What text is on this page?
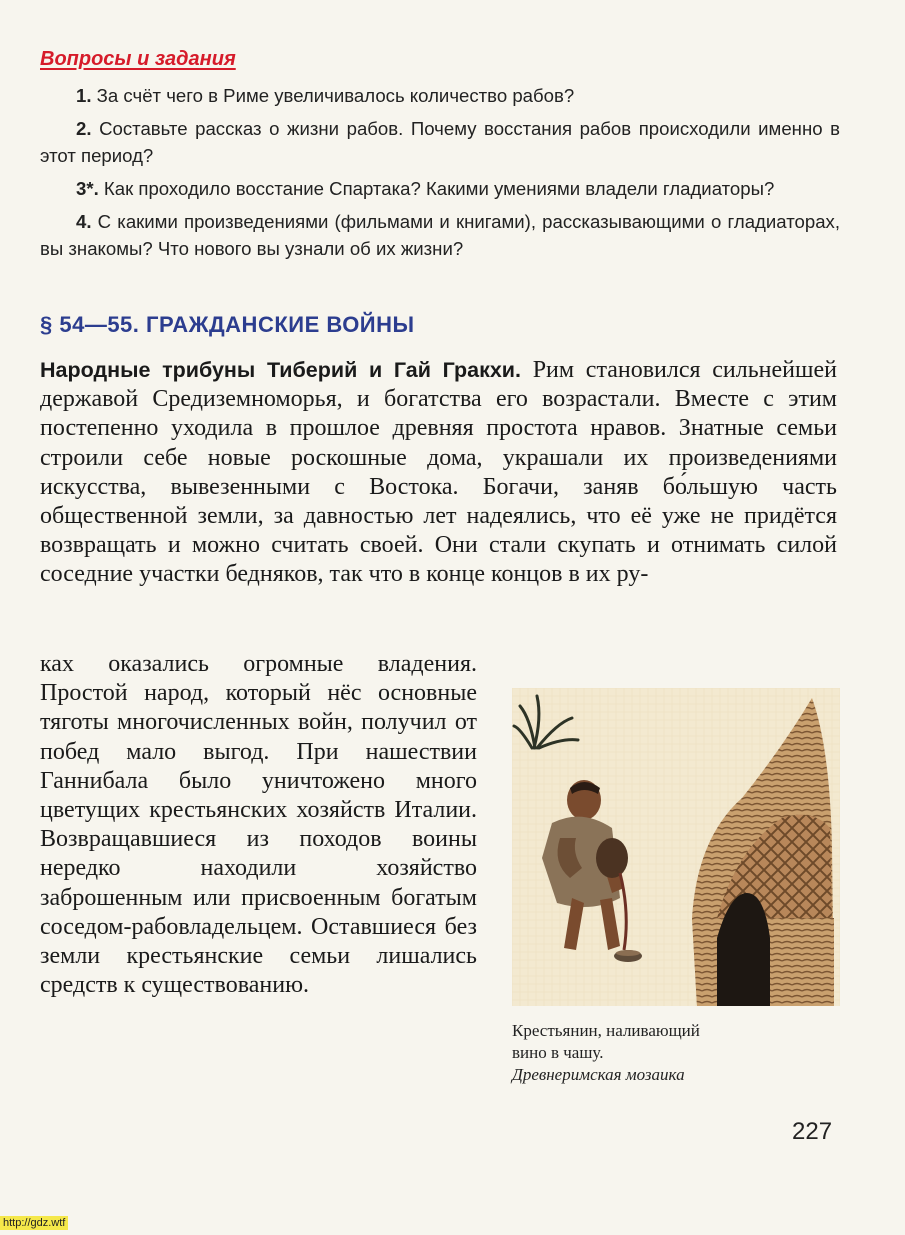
Вопросы и задания

1. За счёт чего в Риме увеличивалось количество рабов?

2. Составьте рассказ о жизни рабов. Почему восстания рабов происходили именно в этот период?

3*. Как проходило восстание Спартака? Какими умениями владели гладиаторы?

4. С какими произведениями (фильмами и книгами), рассказывающими о гладиаторах, вы знакомы? Что нового вы узнали об их жизни?

§ 54—55. ГРАЖДАНСКИЕ ВОЙНЫ

Народные трибуны Тиберий и Гай Гракхи. Рим становился сильнейшей державой Средиземноморья, и богатства его возрастали. Вместе с этим постепенно уходила в прошлое древняя простота нравов. Знатные семьи строили себе новые роскошные дома, украшали их произведениями искусства, вывезенными с Востока. Богачи, заняв бо́льшую часть общественной земли, за давностью лет надеялись, что её уже не придётся возвращать и можно считать своей. Они стали скупать и отнимать силой соседние участки бедняков, так что в конце концов в их ру-

ках оказались огромные владения. Простой народ, который нёс основные тяготы многочисленных войн, получил от побед мало выгод. При нашествии Ганнибала было уничтожено много цветущих крестьянских хозяйств Италии. Возвращавшиеся из походов воины нередко находили хозяйство заброшенным или присвоенным богатым соседом-рабовладельцем. Оставшиеся без земли крестьянские семьи лишались средств к существованию.

Крестьянин, наливающий
вино в чашу.
Древнеримская мозаика
227
http://gdz.wtf
